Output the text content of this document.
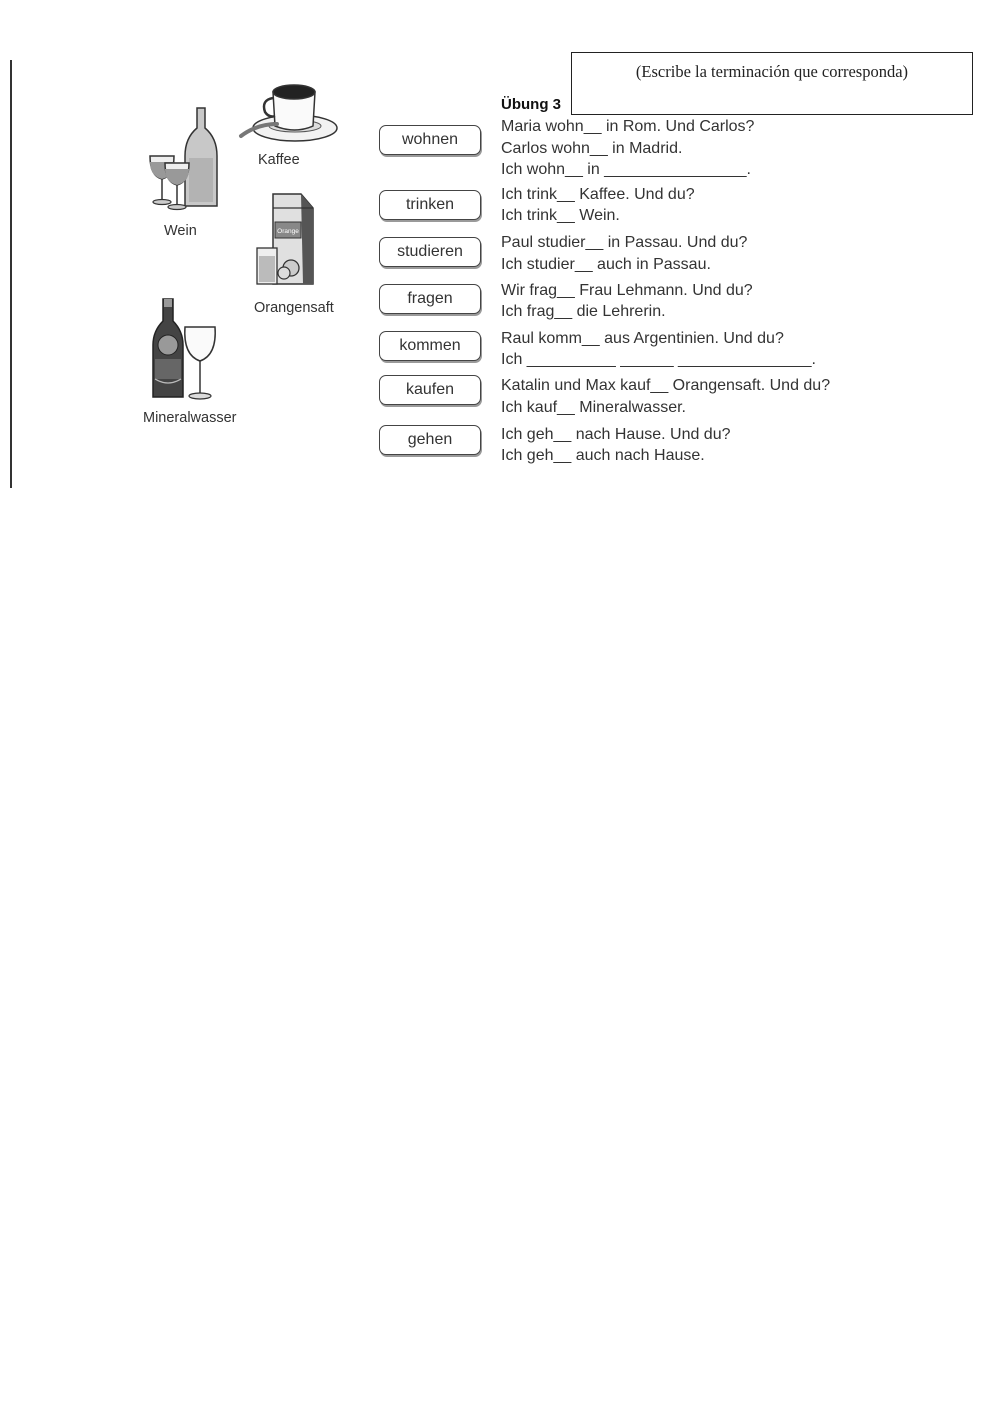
(Escribe la terminación que corresponda)
Wein
Kaffee
Orange
Orangensaft
Mineralwasser
Übung 3
wohnen
trinken
studieren
fragen
kommen
kaufen
gehen
Maria wohn__ in Rom. Und Carlos?
Carlos wohn__ in Madrid.
Ich wohn__ in ________________.
Ich trink__ Kaffee. Und du?
Ich trink__ Wein.
Paul studier__ in Passau. Und du?
Ich studier__ auch in Passau.
Wir frag__ Frau Lehmann. Und du?
Ich frag__ die Lehrerin.
Raul komm__ aus Argentinien. Und du?
Ich __________ ______ _______________.
Katalin und Max kauf__ Orangensaft. Und du?
Ich kauf__ Mineralwasser.
Ich geh__ nach Hause. Und du?
Ich geh__ auch nach Hause.
